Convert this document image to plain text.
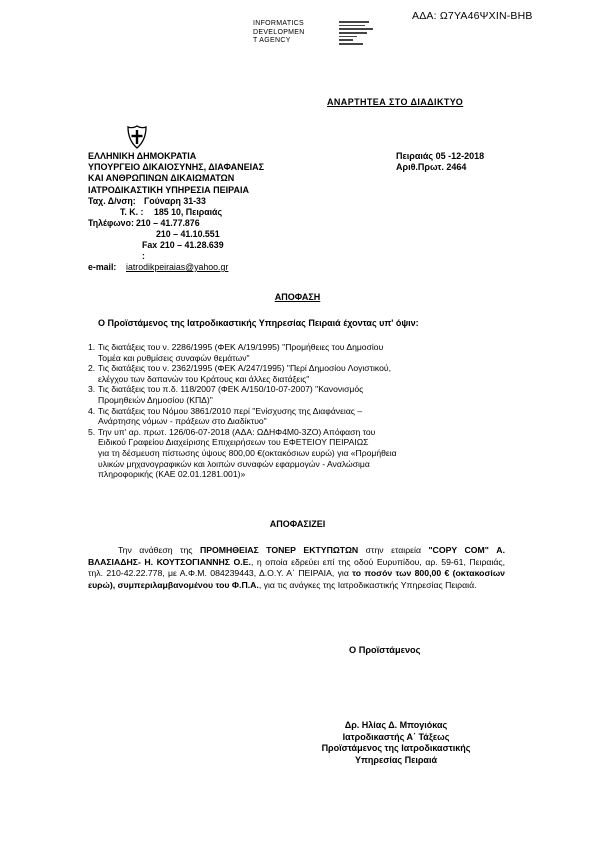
ΑΔΑ: Ω7ΥΑ46ΨΧΙΝ-ΒΗΒ
INFORMATICS
DEVELOPMEN
T AGENCY
ΑΝΑΡΤΗΤΕΑ ΣΤΟ ΔΙΑΔΙΚΤΥΟ
ΕΛΛΗΝΙΚΗ ΔΗΜΟΚΡΑΤΙΑ
ΥΠΟΥΡΓΕΙΟ ΔΙΚΑΙΟΣΥΝΗΣ, ΔΙΑΦΑΝΕΙΑΣ
ΚΑΙ ΑΝΘΡΩΠΙΝΩΝ ΔΙΚΑΙΩΜΑΤΩΝ
ΙΑΤΡΟΔΙΚΑΣΤΙΚΗ ΥΠΗΡΕΣΙΑ ΠΕΙΡΑΙΑ
Πειραιάς 05 -12-2018
Αριθ.Πρωτ. 2464
Ταχ. Δ/νση: Γούναρη 31-33
Τ. Κ. :	185 10, Πειραιάς
Τηλέφωνο: 210 – 41.77.876
210 – 41.10.551
Fax :
210 – 41.28.639
e-mail:	iatrodikpeiraias@yahoo.gr
ΑΠΟΦΑΣΗ
Ο Προϊστάμενος της Ιατροδικαστικής Υπηρεσίας Πειραιά έχοντας υπ' όψιν:
1. Τις διατάξεις του ν. 2286/1995 (ΦΕΚ Α/19/1995) "Προμήθειες του Δημοσίου
Τομέα και ρυθμίσεις συναφών θεμάτων"
2. Τις διατάξεις του ν. 2362/1995 (ΦΕΚ Α/247/1995) "Περί Δημοσίου Λογιστικού,
ελέγχου των δαπανών του Κράτους και άλλες διατάξεις"
3. Τις διατάξεις του π.δ. 118/2007 (ΦΕΚ Α/150/10-07-2007) "Κανονισμός
Προμηθειών Δημοσίου (ΚΠΔ)"
4. Τις διατάξεις του Νόμου 3861/2010 περί "Ενίσχυσης της Διαφάνειας –
Ανάρτησης νόμων - πράξεων στο Διαδίκτυο"
5. Την υπ' αρ. πρωτ. 126/06-07-2018 (ΑΔΑ: ΩΔΗΦ4Μ0-3ΖΟ) Απόφαση του
Ειδικού Γραφείου Διαχείρισης Επιχειρήσεων του ΕΦΕΤΕΙΟΥ ΠΕΙΡΑΙΩΣ
για τη δέσμευση πίστωσης ύψους 800,00 €(οκτακόσιων ευρώ) για «Προμήθεια
υλικών μηχανογραφικών και λοιπών συναφών εφαρμογών - Αναλώσιμα
πληροφορικής (ΚΑΕ 02.01.1281.001)»
ΑΠΟΦΑΣΙΖΕΙ
Την ανάθεση της ΠΡΟΜΗΘΕΙΑΣ ΤΟΝΕΡ ΕΚΤΥΠΩΤΩΝ στην εταιρεία "COPY COM" Α. ΒΛΑΣΙΑΔΗΣ- Η. ΚΟΥΤΣΟΓΙΑΝΝΗΣ Ο.Ε., η οποία εδρεύει επί της οδού Ευρυπίδου, αρ. 59-61, Πειραιάς, τηλ. 210-42.22.778, με Α.Φ.Μ. 084239443, Δ.Ο.Υ. Α΄ ΠΕΙΡΑΙΑ, για το ποσόν των 800,00 € (οκτακοσίων ευρώ), συμπεριλαμβανομένου του Φ.Π.Α., για τις ανάγκες της Ιατροδικαστικής Υπηρεσίας Πειραιά.
Ο Προϊστάμενος
Δρ. Ηλίας Δ. Μπογιόκας
Ιατροδικαστής Α΄ Τάξεως
Προϊστάμενος της Ιατροδικαστικής
Υπηρεσίας Πειραιά
